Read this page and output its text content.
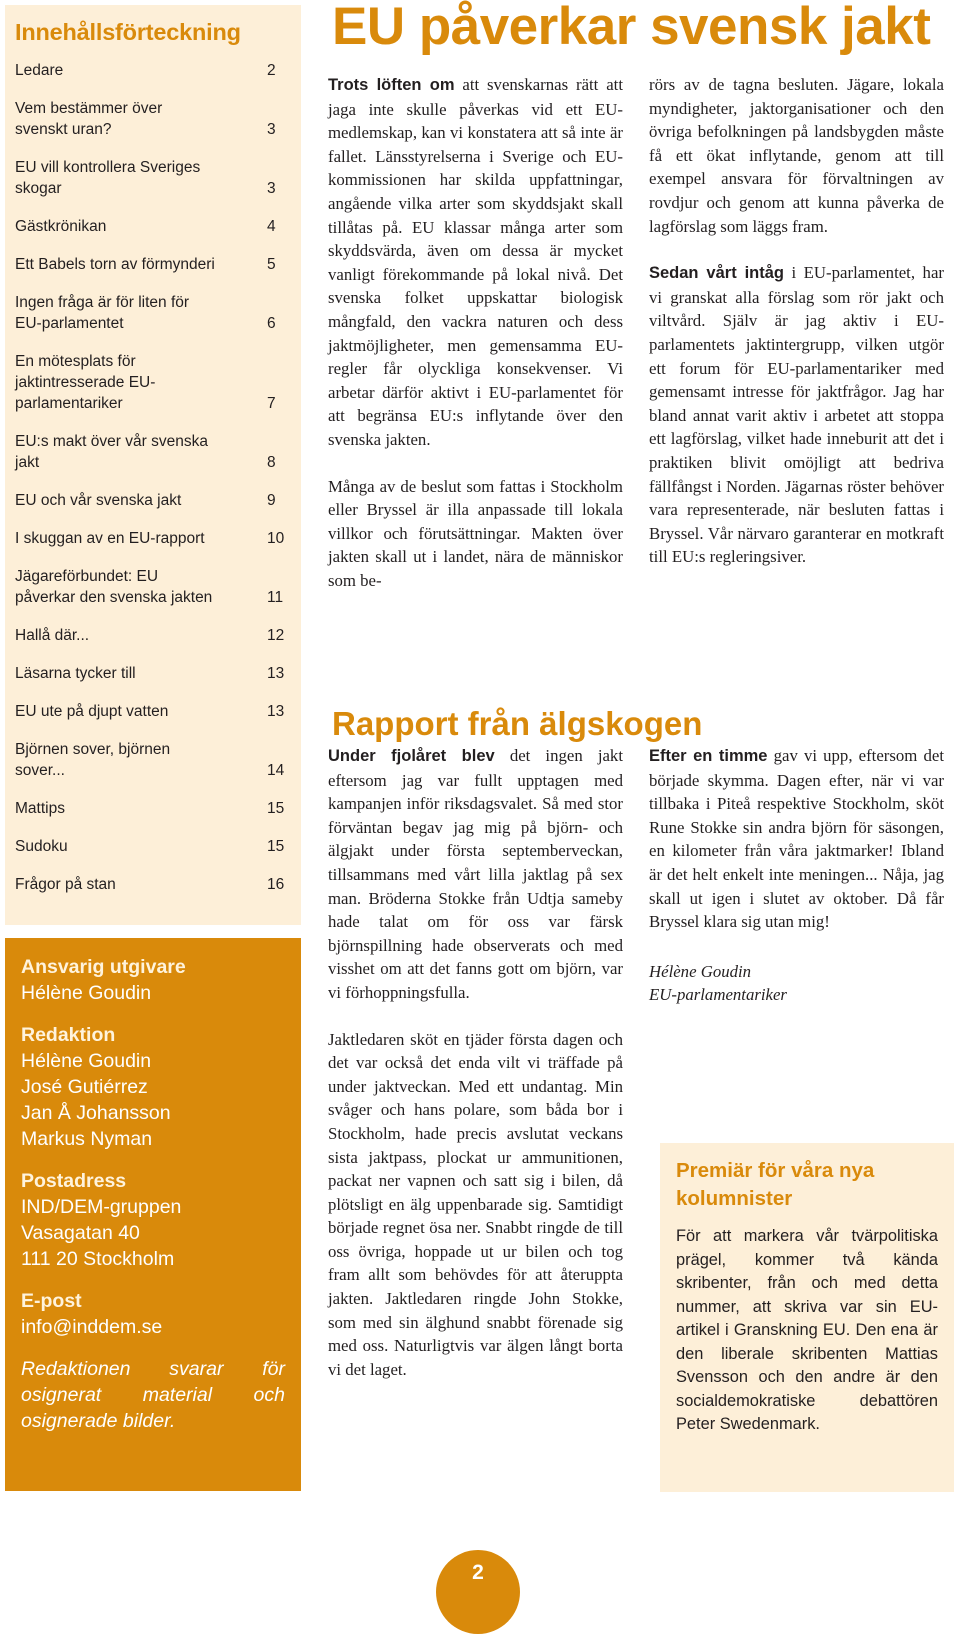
Innehållsförteckning
Ledare	2
Vem bestämmer över svenskt uran?	3
EU vill kontrollera Sveriges skogar	3
Gästkrönikan	4
Ett Babels torn av förmynderi	5
Ingen fråga är för liten för EU-parlamentet	6
En mötesplats för jaktintresserade EU-parlamentariker	7
EU:s makt över vår svenska jakt	8
EU och vår svenska jakt	9
I skuggan av en EU-rapport	10
Jägareförbundet: EU påverkar den svenska jakten	11
Hallå där...	12
Läsarna tycker till	13
EU ute på djupt vatten	13
Björnen sover, björnen sover...	14
Mattips	15
Sudoku	15
Frågor på stan	16
Ansvarig utgivare
Hélène Goudin
Redaktion
Hélène Goudin
José Gutiérrez
Jan Å Johansson
Markus Nyman
Postadress
IND/DEM-gruppen
Vasagatan 40
111 20 Stockholm
E-post
info@inddem.se
Redaktionen svarar för osignerat material och osignerade bilder.
EU påverkar svensk jakt

Trots löften om att svenskarnas rätt att jaga inte skulle påverkas vid ett EU-medlemskap, kan vi konstatera att så inte är fallet. Länsstyrelserna i Sverige och EU-kommissionen har skilda uppfattningar, angående vilka arter som skyddsjakt skall tillåtas på. EU klassar många arter som skyddsvärda, även om dessa är mycket vanligt förekommande på lokal nivå. Det svenska folket uppskattar biologisk mångfald, den vackra naturen och dess jaktmöjligheter, men gemensamma EU-regler får olyckliga konsekvenser. Vi arbetar därför aktivt i EU-parlamentet för att begränsa EU:s inflytande över den svenska jakten.

Många av de beslut som fattas i Stockholm eller Bryssel är illa anpassade till lokala villkor och förutsättningar. Makten över jakten skall ut i landet, nära de människor som be-

rörs av de tagna besluten. Jägare, lokala myndigheter, jaktorganisationer och den övriga befolkningen på landsbygden måste få ett ökat inflytande, genom att till exempel ansvara för förvaltningen av rovdjur och genom att kunna påverka de lagförslag som läggs fram.

Sedan vårt intåg i EU-parlamentet, har vi granskat alla förslag som rör jakt och viltvård. Själv är jag aktiv i EU-parlamentets jaktintergrupp, vilken utgör ett forum för EU-parlamentariker med gemensamt intresse för jaktfrågor. Jag har bland annat varit aktiv i arbetet att stoppa ett lagförslag, vilket hade inneburit att det i praktiken blivit omöjligt att bedriva fällfångst i Norden. Jägarnas röster behöver vara representerade, när besluten fattas i Bryssel. Vår närvaro garanterar en motkraft till EU:s regleringsiver.

Rapport från älgskogen

Under fjolåret blev det ingen jakt eftersom jag var fullt upptagen med kampanjen inför riksdagsvalet. Så med stor förväntan begav jag mig på björn- och älgjakt under första septemberveckan, tillsammans med vårt lilla jaktlag på sex man. Bröderna Stokke från Udtja sameby hade talat om för oss var färsk björnspillning hade observerats och med visshet om att det fanns gott om björn, var vi förhoppningsfulla.

Jaktledaren sköt en tjäder första dagen och det var också det enda vilt vi träffade på under jaktveckan. Med ett undantag. Min svåger och hans polare, som båda bor i Stockholm, hade precis avslutat veckans sista jaktpass, plockat ur ammunitionen, packat ner vapnen och satt sig i bilen, då plötsligt en älg uppenbarade sig. Samtidigt började regnet ösa ner. Snabbt ringde de till oss övriga, hoppade ut ur bilen och tog fram allt som behövdes för att återuppta jakten. Jaktledaren ringde John Stokke, som med sin älghund snabbt förenade sig med oss. Naturligtvis var älgen långt borta vi det laget.

Efter en timme gav vi upp, eftersom det började skymma. Dagen efter, när vi var tillbaka i Piteå respektive Stockholm, sköt Rune Stokke sin andra björn för säsongen, en kilometer från våra jaktmarker! Ibland är det helt enkelt inte meningen... Nåja, jag skall ut igen i slutet av oktober. Då får Bryssel klara sig utan mig!

Hélène Goudin
EU-parlamentariker
Premiär för våra nya kolumnister
För att markera vår tvärpolitiska prägel, kommer två kända skribenter, från och med detta nummer, att skriva var sin EU-artikel i Granskning EU. Den ena är den liberale skribenten Mattias Svensson och den andre är den socialdemokratiske debattören Peter Swedenmark.
2
